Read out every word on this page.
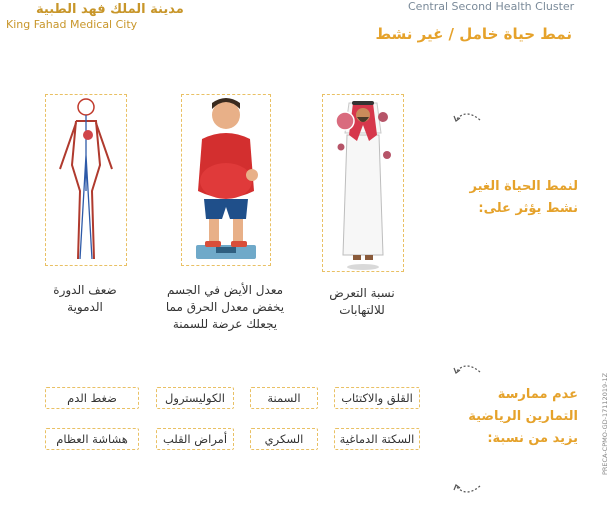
مدينة الملك فهد الطبية
King Fahad Medical City
Central Second Health Cluster
نمط حياة خامل / غير نشط
نسبة التعرض
للالتهابات
معدل الأيض في الجسم
يخفض معدل الحرق مما
يجعلك عرضة للسمنة
ضعف الدورة
الدموية
لنمط الحياة الغير
نشط يؤثر على:
عدم ممارسة
التمارين الرياضية
يزيد من نسبة:
القلق والاكتئاب
السمنة
الكوليسترول
ضغط الدم
السكتة الدماغية
السكري
أمراض القلب
هشاشة العظام	PRECA-CPMO-GD-17112019-1Z
